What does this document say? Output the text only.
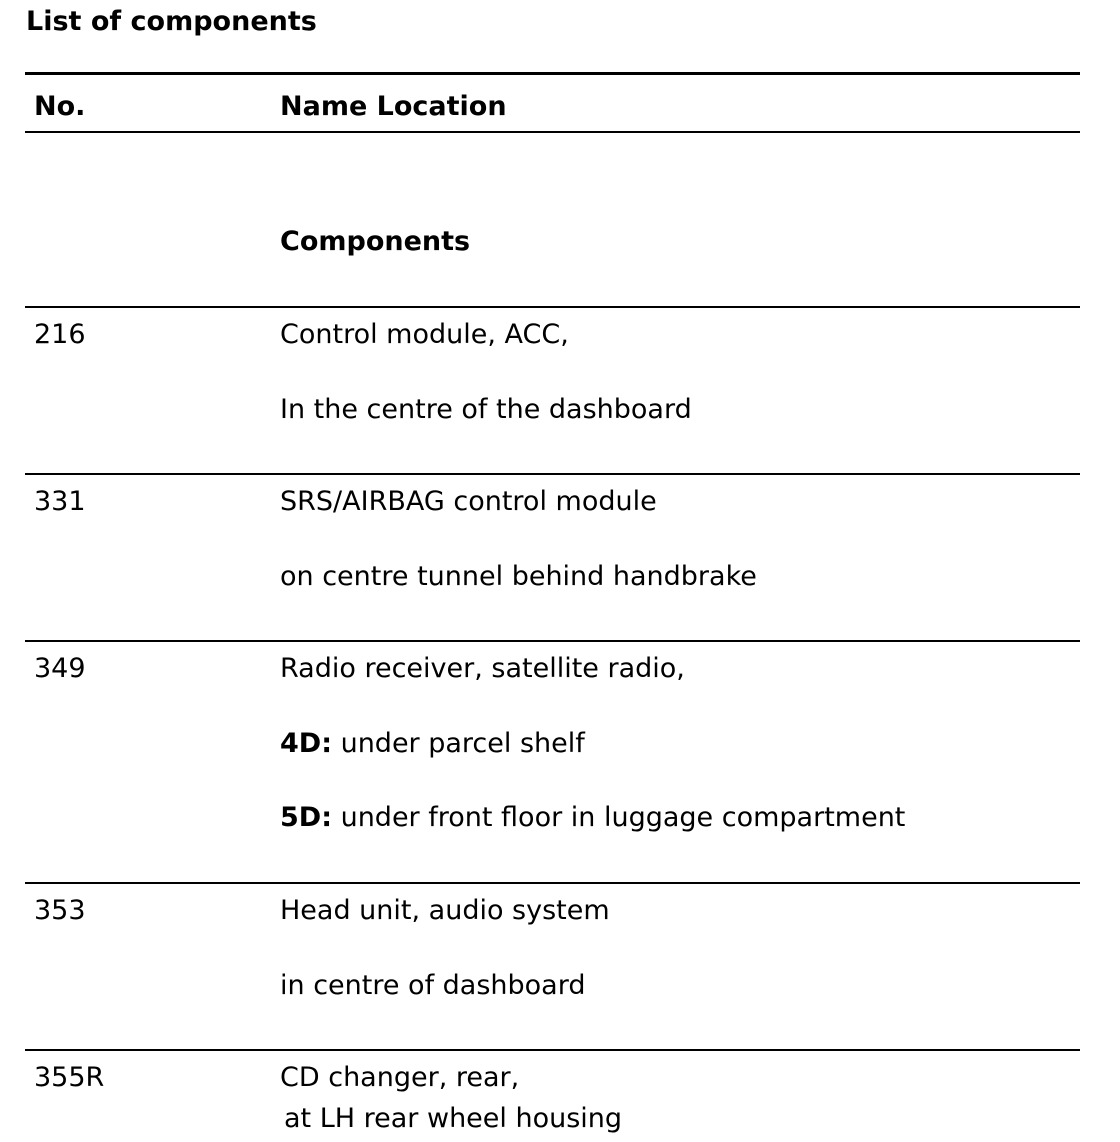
List of components
No.	Name Location
Components
216	Control module, ACC,
In the centre of the dashboard
331	SRS/AIRBAG control module
on centre tunnel behind handbrake
349	Radio receiver, satellite radio,
4D: under parcel shelf
5D: under front floor in luggage compartment
353	Head unit, audio system
in centre of dashboard
355R	CD changer, rear,
at LH rear wheel housing
